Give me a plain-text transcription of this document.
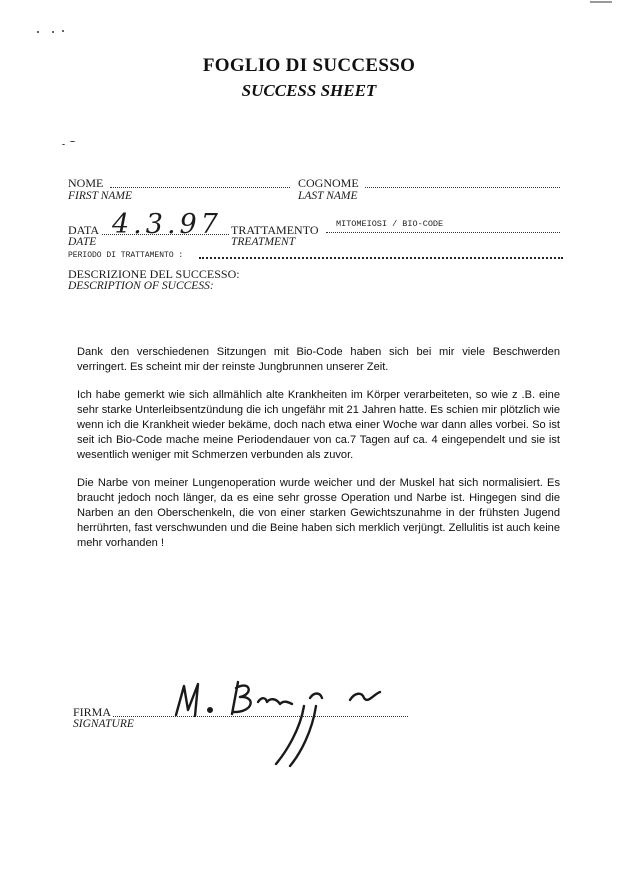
FOGLIO DI SUCCESSO
SUCCESS SHEET
NOME
FIRST NAME
COGNOME
LAST NAME
DATA
DATE
4.3.97 TRATTAMENTO
TREATMENT
MITOMEIOSI / BIO-CODE
PERIODO DI TRATTAMENTO :
DESCRIZIONE DEL SUCCESSO:
DESCRIPTION OF SUCCESS:

Dank den verschiedenen Sitzungen mit Bio-Code haben sich bei mir viele Beschwerden verringert. Es scheint mir der reinste Jungbrunnen unserer Zeit.

Ich habe gemerkt wie sich allmählich alte Krankheiten im Körper verarbeiteten, so wie z .B. eine sehr starke Unterleibsentzündung die ich ungefähr mit 21 Jahren hatte. Es schien mir plötzlich wie wenn ich die Krankheit wieder bekäme, doch nach etwa einer Woche war dann alles vorbei. So ist seit ich Bio-Code mache meine Periodendauer von ca.7 Tagen auf ca. 4 eingependelt und sie ist wesentlich weniger mit Schmerzen verbunden als zuvor.

Die Narbe von meiner Lungenoperation wurde weicher und der Muskel hat sich normalisiert. Es braucht jedoch noch länger, da es eine sehr grosse Operation und Narbe ist. Hingegen sind die Narben an den Oberschenkeln, die von einer starken Gewichtszunahme in der frühsten Jugend herrührten, fast verschwunden und die Beine haben sich merklich verjüngt. Zellulitis ist auch keine mehr vorhanden !

FIRMA
SIGNATURE
